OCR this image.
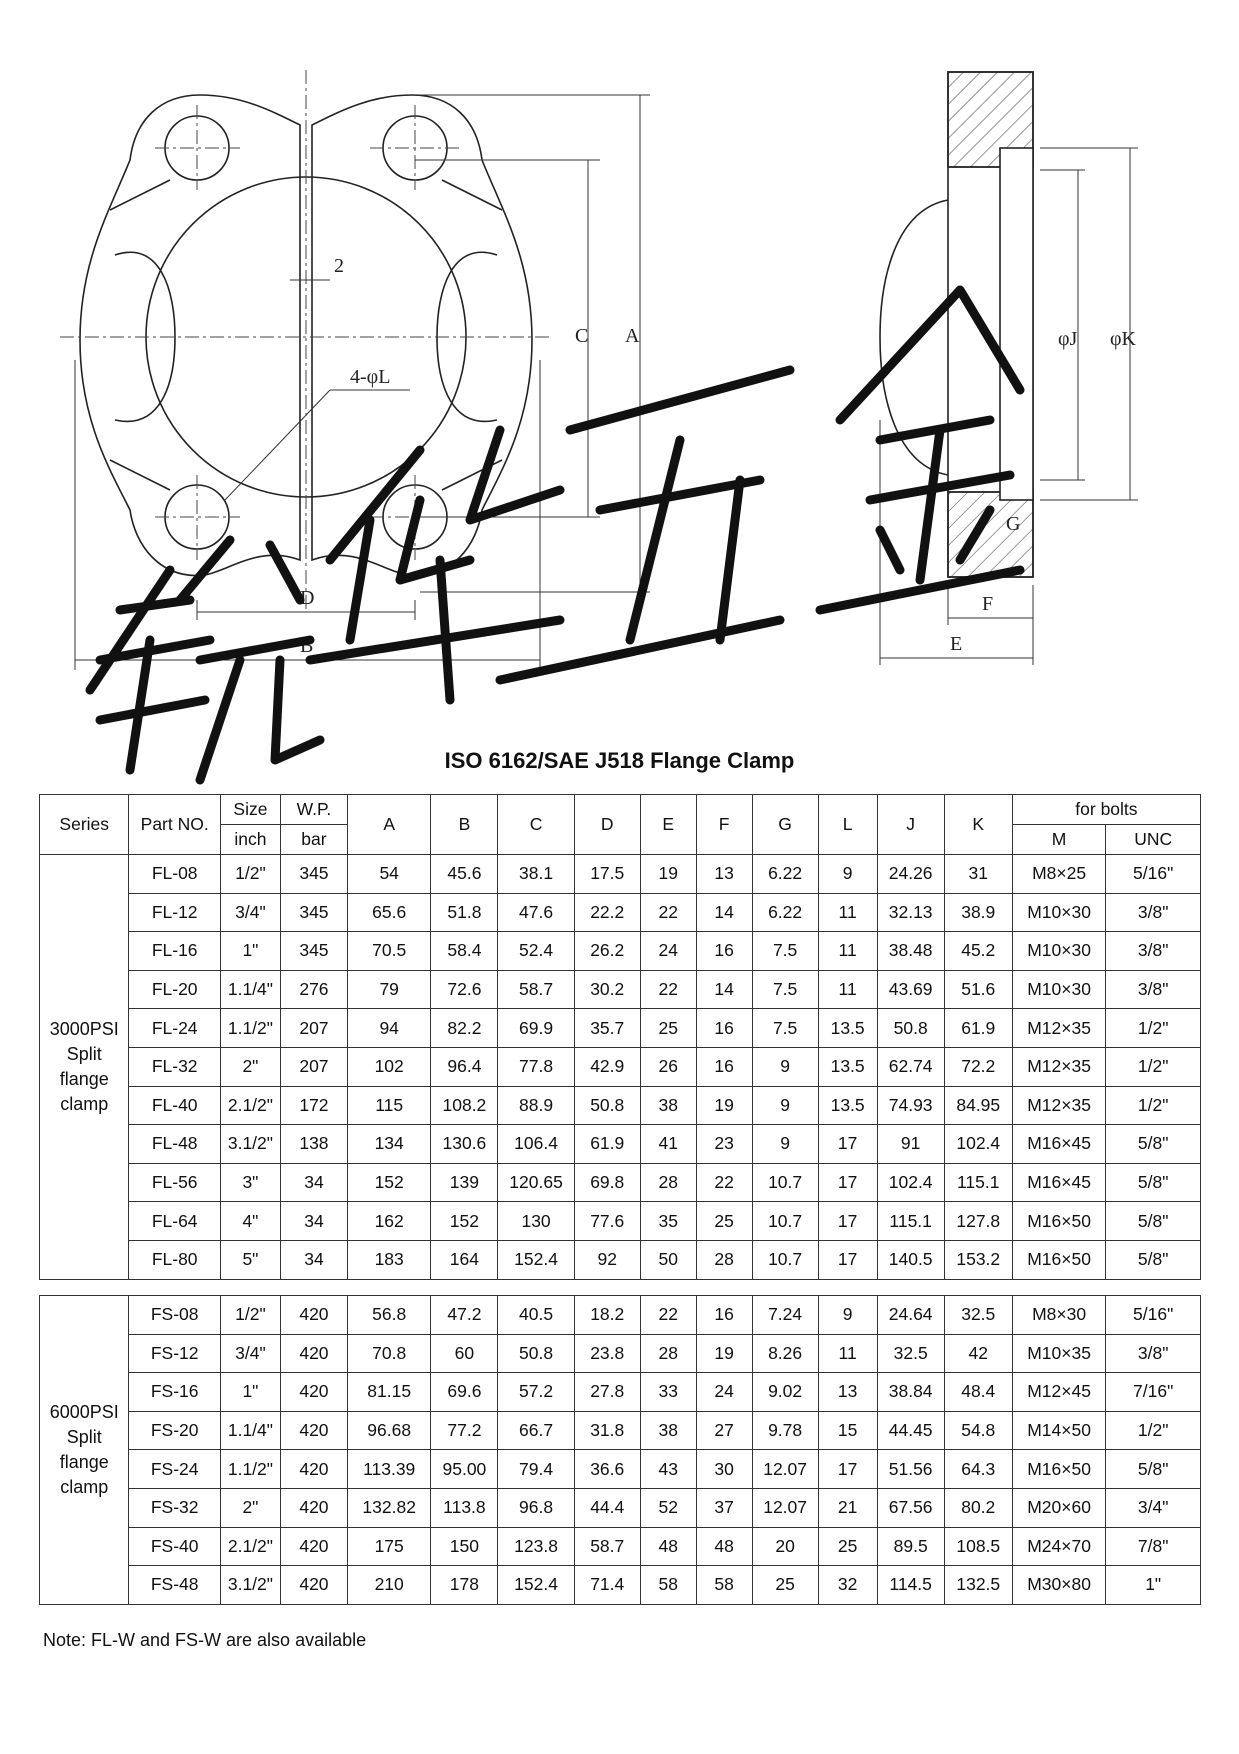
2
4-φL
C A
D
B
φJ φK
G
F
E
ISO 6162/SAE J518 Flange Clamp
Series	Part NO.	Size	W.P.	A	B	C	D	E	F	G	L	J	K	for bolts	
		inch	bar											M	UNC
3000PSI Split flange clamp	FL-08	1/2"	345	54	45.6	38.1	17.5	19	13	6.22	9	24.26	31	M8×25	5/16"
	FL-12	3/4"	345	65.6	51.8	47.6	22.2	22	14	6.22	11	32.13	38.9	M10×30	3/8"
	FL-16	1"	345	70.5	58.4	52.4	26.2	24	16	7.5	11	38.48	45.2	M10×30	3/8"
	FL-20	1.1/4"	276	79	72.6	58.7	30.2	22	14	7.5	11	43.69	51.6	M10×30	3/8"
	FL-24	1.1/2"	207	94	82.2	69.9	35.7	25	16	7.5	13.5	50.8	61.9	M12×35	1/2"
	FL-32	2"	207	102	96.4	77.8	42.9	26	16	9	13.5	62.74	72.2	M12×35	1/2"
	FL-40	2.1/2"	172	115	108.2	88.9	50.8	38	19	9	13.5	74.93	84.95	M12×35	1/2"
	FL-48	3.1/2"	138	134	130.6	106.4	61.9	41	23	9	17	91	102.4	M16×45	5/8"
	FL-56	3"	34	152	139	120.65	69.8	28	22	10.7	17	102.4	115.1	M16×45	5/8"
	FL-64	4"	34	162	152	130	77.6	35	25	10.7	17	115.1	127.8	M16×50	5/8"
	FL-80	5"	34	183	164	152.4	92	50	28	10.7	17	140.5	153.2	M16×50	5/8"
6000PSI Split flange clamp	FS-08	1/2"	420	56.8	47.2	40.5	18.2	22	16	7.24	9	24.64	32.5	M8×30	5/16"
	FS-12	3/4"	420	70.8	60	50.8	23.8	28	19	8.26	11	32.5	42	M10×35	3/8"
	FS-16	1"	420	81.15	69.6	57.2	27.8	33	24	9.02	13	38.84	48.4	M12×45	7/16"
	FS-20	1.1/4"	420	96.68	77.2	66.7	31.8	38	27	9.78	15	44.45	54.8	M14×50	1/2"
	FS-24	1.1/2"	420	113.39	95.00	79.4	36.6	43	30	12.07	17	51.56	64.3	M16×50	5/8"
	FS-32	2"	420	132.82	113.8	96.8	44.4	52	37	12.07	21	67.56	80.2	M20×60	3/4"
	FS-40	2.1/2"	420	175	150	123.8	58.7	48	48	20	25	89.5	108.5	M24×70	7/8"
	FS-48	3.1/2"	420	210	178	152.4	71.4	58	58	25	32	114.5	132.5	M30×80	1"
Note: FL-W and FS-W are also available
